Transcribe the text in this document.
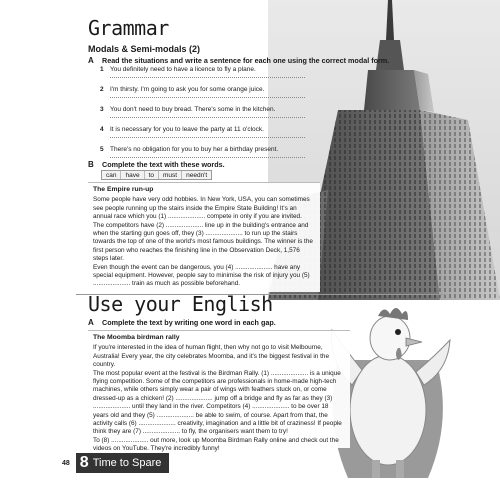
Grammar
Modals & Semi-modals (2)
A Read the situations and write a sentence for each one using the correct modal form.
1 You definitely need to have a licence to fly a plane.
2 I'm thirsty. I'm going to ask you for some orange juice.
3 You don't need to buy bread. There's some in the kitchen.
4 It is necessary for you to leave the party at 11 o'clock.
5 There's no obligation for you to buy her a birthday present.
B Complete the text with these words.
can	have	to	must	needn't
The Empire run-up

Some people have very odd hobbies. In New York, USA, you can sometimes see people running up the stairs inside the Empire State Building! It's an annual race which you (1) ..................... compete in only if you are invited.

The competitors have (2) ..................... line up in the building's entrance and when the starting gun goes off, they (3) ..................... to run up the stairs towards the top of one of the world's most famous buildings. The winner is the first person who reaches the finishing line in the Observation Deck, 1,576 steps later.

Even though the event can be dangerous, you (4) ..................... have any special equipment. However, people say to minimise the risk of injury you (5) ..................... train as much as possible beforehand.

Use your English
A Complete the text by writing one word in each gap.
The Moomba birdman rally

If you're interested in the idea of human flight, then why not go to visit Melbourne, Australia! Every year, the city celebrates Moomba, and it's the biggest festival in the country.

The most popular event at the festival is the Birdman Rally. (1) ..................... is a unique flying competition. Some of the competitors are professionals in home-made high-tech machines, while others simply wear a pair of wings with feathers stuck on, or come dressed-up as a chicken! (2) ..................... jump off a bridge and fly as far as they (3) ..................... until they land in the river. Competitors (4) ..................... to be over 18 years old and they (5) ..................... be able to swim, of course. Apart from that, the activity calls (6) ..................... creativity, imagination and a little bit of craziness! If people think they are (7) ..................... to fly, the organisers want them to try!

To (8) ..................... out more, look up Moomba Birdman Rally online and check out the videos on YouTube. They're incredibly funny!

48 8 Time to Spare
